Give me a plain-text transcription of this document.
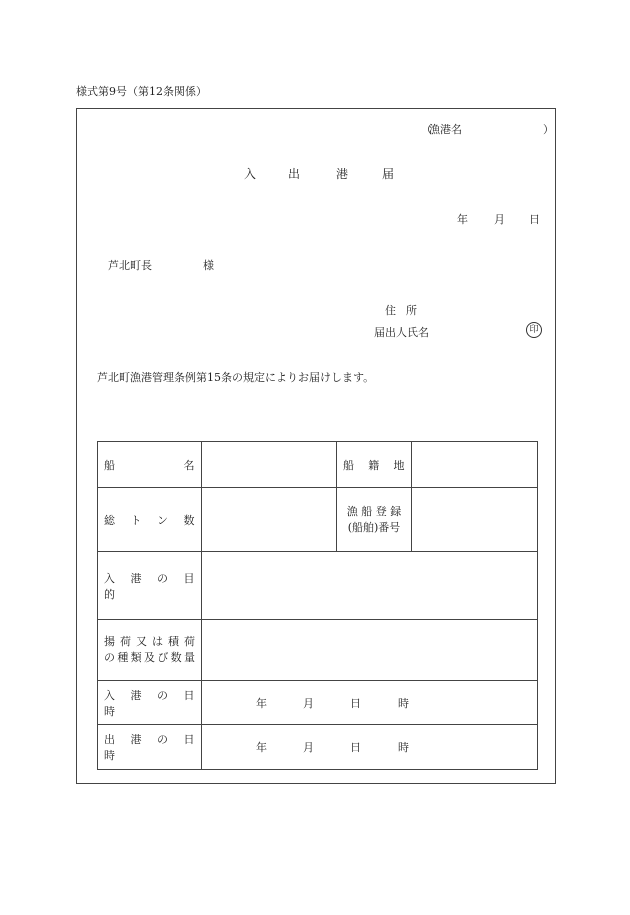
様式第9号（第12条関係）
（
漁港名	）
入	出	港	届
年 月 日
芦北町長	様
住 所
届出人氏名	印
芦北町漁港管理条例第15条の規定によりお届けします。
船　　　名		船　籍　地	
総　ト　ン　数		漁 船 登 録
(船舶)番号	

入　港　の　目　的			

揚 荷 又 は 積 荷
の種類及び数量			

入　港　の　日　時	年 月 日 時		

出　港　の　日　時	年 月 日 時		
